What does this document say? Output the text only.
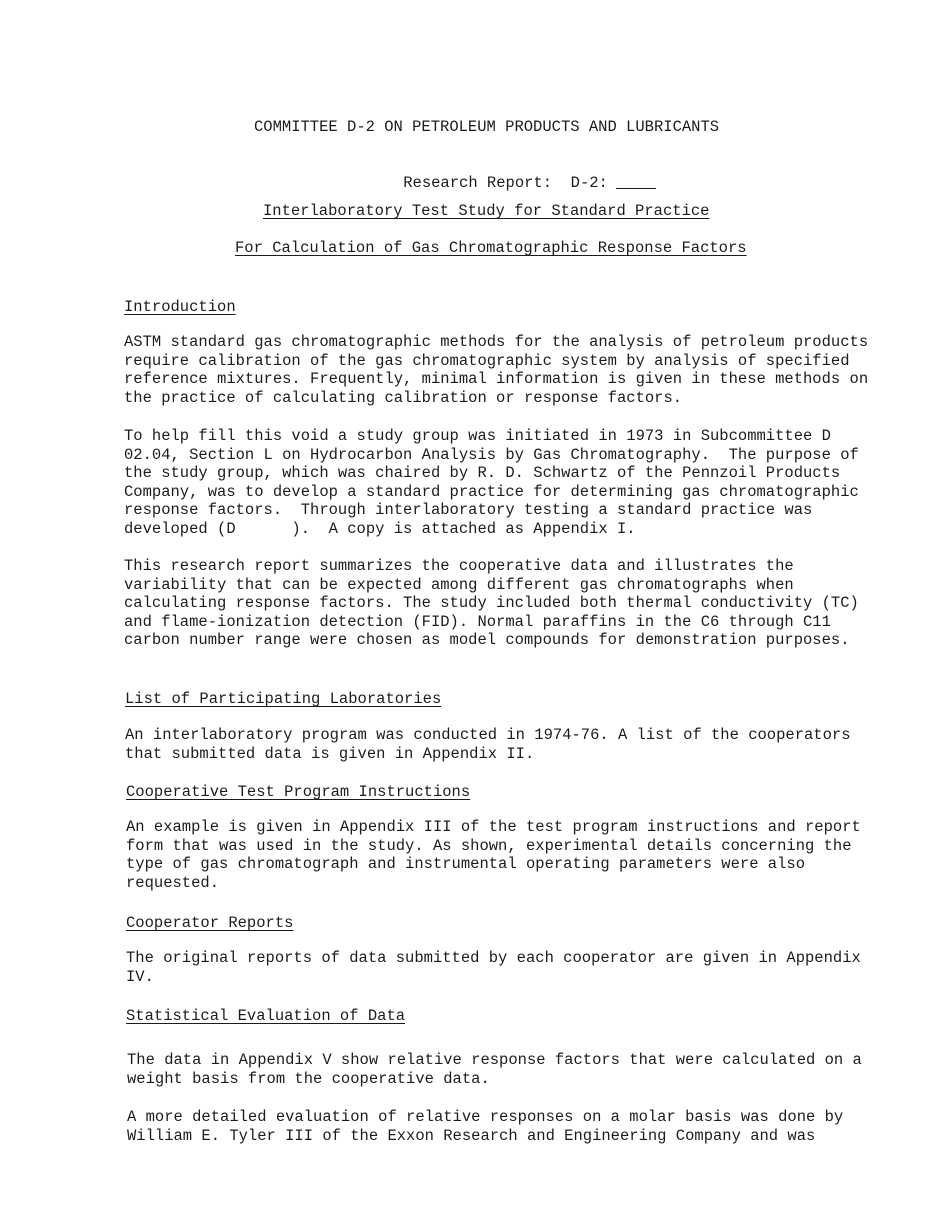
COMMITTEE D-2 ON PETROLEUM PRODUCTS AND LUBRICANTS

Research Report:  D-2:

Interlaboratory Test Study for Standard Practice
For Calculation of Gas Chromatographic Response Factors
Introduction
ASTM standard gas chromatographic methods for the analysis of petroleum products require calibration of the gas chromatographic system by analysis of specified reference mixtures. Frequently, minimal information is given in these methods on the practice of calculating calibration or response factors.
To help fill this void a study group was initiated in 1973 in Subcommittee D 02.04, Section L on Hydrocarbon Analysis by Gas Chromatography.  The purpose of the study group, which was chaired by R. D. Schwartz of the Pennzoil Products Company, was to develop a standard practice for determining gas chromatographic response factors.  Through interlaboratory testing a standard practice was developed (D      ).  A copy is attached as Appendix I.
This research report summarizes the cooperative data and illustrates the variability that can be expected among different gas chromatographs when calculating response factors. The study included both thermal conductivity (TC) and flame-ionization detection (FID). Normal paraffins in the C6 through C11 carbon number range were chosen as model compounds for demonstration purposes.
List of Participating Laboratories
An interlaboratory program was conducted in 1974-76. A list of the cooperators that submitted data is given in Appendix II.
Cooperative Test Program Instructions
An example is given in Appendix III of the test program instructions and report form that was used in the study. As shown, experimental details concerning the type of gas chromatograph and instrumental operating parameters were also requested.
Cooperator Reports
The original reports of data submitted by each cooperator are given in Appendix IV.
Statistical Evaluation of Data
The data in Appendix V show relative response factors that were calculated on a weight basis from the cooperative data.
A more detailed evaluation of relative responses on a molar basis was done by William E. Tyler III of the Exxon Research and Engineering Company and was
